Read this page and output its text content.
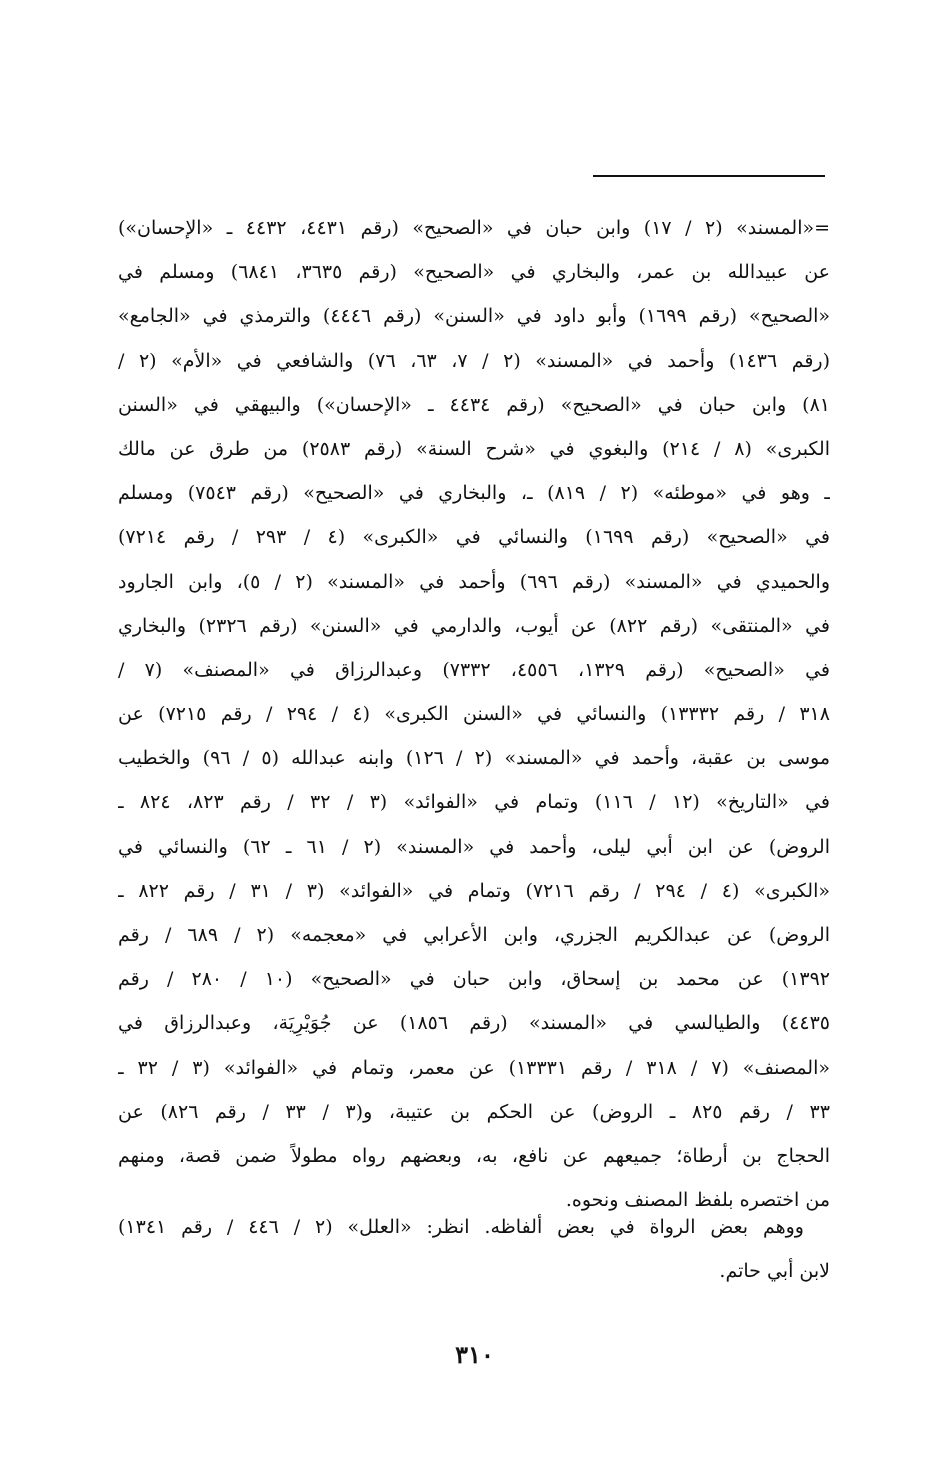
=«المسند» (٢ / ١٧) وابن حبان في «الصحيح» (رقم ٤٤٣١، ٤٤٣٢ ـ «الإحسان»)
عن عبيدالله بن عمر، والبخاري في «الصحيح» (رقم ٣٦٣٥، ٦٨٤١) ومسلم في
«الصحيح» (رقم ١٦٩٩) وأبو داود في «السنن» (رقم ٤٤٤٦) والترمذي في «الجامع»
(رقم ١٤٣٦) وأحمد في «المسند» (٢ / ٧، ٦٣، ٧٦) والشافعي في «الأم» (٢ /
٨١) وابن حبان في «الصحيح» (رقم ٤٤٣٤ ـ «الإحسان») والبيهقي في «السنن
الكبرى» (٨ / ٢١٤) والبغوي في «شرح السنة» (رقم ٢٥٨٣) من طرق عن مالك
ـ وهو في «موطئه» (٢ / ٨١٩) ـ، والبخاري في «الصحيح» (رقم ٧٥٤٣) ومسلم
في «الصحيح» (رقم ١٦٩٩) والنسائي في «الكبرى» (٤ / ٢٩٣ / رقم ٧٢١٤)
والحميدي في «المسند» (رقم ٦٩٦) وأحمد في «المسند» (٢ / ٥)، وابن الجارود
في «المنتقى» (رقم ٨٢٢) عن أيوب، والدارمي في «السنن» (رقم ٢٣٢٦) والبخاري
في «الصحيح» (رقم ١٣٢٩، ٤٥٥٦، ٧٣٣٢) وعبدالرزاق في «المصنف» (٧ /
٣١٨ / رقم ١٣٣٣٢) والنسائي في «السنن الكبرى» (٤ / ٢٩٤ / رقم ٧٢١٥) عن
موسى بن عقبة، وأحمد في «المسند» (٢ / ١٢٦) وابنه عبدالله (٥ / ٩٦) والخطيب
في «التاريخ» (١٢ / ١١٦) وتمام في «الفوائد» (٣ / ٣٢ / رقم ٨٢٣، ٨٢٤ ـ
الروض) عن ابن أبي ليلى، وأحمد في «المسند» (٢ / ٦١ ـ ٦٢) والنسائي في
«الكبرى» (٤ / ٢٩٤ / رقم ٧٢١٦) وتمام في «الفوائد» (٣ / ٣١ / رقم ٨٢٢ ـ
الروض) عن عبدالكريم الجزري، وابن الأعرابي في «معجمه» (٢ / ٦٨٩ / رقم
١٣٩٢) عن محمد بن إسحاق، وابن حبان في «الصحيح» (١٠ / ٢٨٠ / رقم
٤٤٣٥) والطيالسي في «المسند» (رقم ١٨٥٦) عن جُوَيْرِيَة، وعبدالرزاق في
«المصنف» (٧ / ٣١٨ / رقم ١٣٣٣١) عن معمر، وتمام في «الفوائد» (٣ / ٣٢ ـ
٣٣ / رقم ٨٢٥ ـ الروض) عن الحكم بن عتيبة، و(٣ / ٣٣ / رقم ٨٢٦) عن
الحجاج بن أرطاة؛ جميعهم عن نافع، به، وبعضهم رواه مطولاً ضمن قصة، ومنهم
من اختصره بلفظ المصنف ونحوه.
ووهم بعض الرواة في بعض ألفاظه. انظر: «العلل» (٢ / ٤٤٦ / رقم ١٣٤١)
لابن أبي حاتم.
٣١٠
